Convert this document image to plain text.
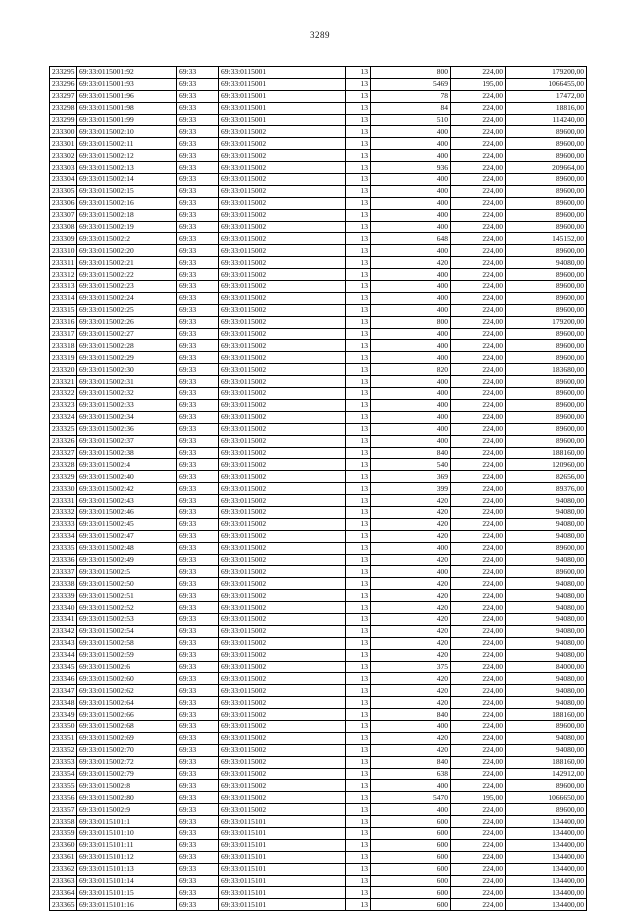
3289
233295	69:33:0115001:92	69:33	69:33:0115001	13	800	224,00	179200,00
233296	69:33:0115001:93	69:33	69:33:0115001	13	5469	195,00	1066455,00
233297	69:33:0115001:96	69:33	69:33:0115001	13	78	224,00	17472,00
233298	69:33:0115001:98	69:33	69:33:0115001	13	84	224,00	18816,00
233299	69:33:0115001:99	69:33	69:33:0115001	13	510	224,00	114240,00
233300	69:33:0115002:10	69:33	69:33:0115002	13	400	224,00	89600,00
233301	69:33:0115002:11	69:33	69:33:0115002	13	400	224,00	89600,00
233302	69:33:0115002:12	69:33	69:33:0115002	13	400	224,00	89600,00
233303	69:33:0115002:13	69:33	69:33:0115002	13	936	224,00	209664,00
233304	69:33:0115002:14	69:33	69:33:0115002	13	400	224,00	89600,00
233305	69:33:0115002:15	69:33	69:33:0115002	13	400	224,00	89600,00
233306	69:33:0115002:16	69:33	69:33:0115002	13	400	224,00	89600,00
233307	69:33:0115002:18	69:33	69:33:0115002	13	400	224,00	89600,00
233308	69:33:0115002:19	69:33	69:33:0115002	13	400	224,00	89600,00
233309	69:33:0115002:2	69:33	69:33:0115002	13	648	224,00	145152,00
233310	69:33:0115002:20	69:33	69:33:0115002	13	400	224,00	89600,00
233311	69:33:0115002:21	69:33	69:33:0115002	13	420	224,00	94080,00
233312	69:33:0115002:22	69:33	69:33:0115002	13	400	224,00	89600,00
233313	69:33:0115002:23	69:33	69:33:0115002	13	400	224,00	89600,00
233314	69:33:0115002:24	69:33	69:33:0115002	13	400	224,00	89600,00
233315	69:33:0115002:25	69:33	69:33:0115002	13	400	224,00	89600,00
233316	69:33:0115002:26	69:33	69:33:0115002	13	800	224,00	179200,00
233317	69:33:0115002:27	69:33	69:33:0115002	13	400	224,00	89600,00
233318	69:33:0115002:28	69:33	69:33:0115002	13	400	224,00	89600,00
233319	69:33:0115002:29	69:33	69:33:0115002	13	400	224,00	89600,00
233320	69:33:0115002:30	69:33	69:33:0115002	13	820	224,00	183680,00
233321	69:33:0115002:31	69:33	69:33:0115002	13	400	224,00	89600,00
233322	69:33:0115002:32	69:33	69:33:0115002	13	400	224,00	89600,00
233323	69:33:0115002:33	69:33	69:33:0115002	13	400	224,00	89600,00
233324	69:33:0115002:34	69:33	69:33:0115002	13	400	224,00	89600,00
233325	69:33:0115002:36	69:33	69:33:0115002	13	400	224,00	89600,00
233326	69:33:0115002:37	69:33	69:33:0115002	13	400	224,00	89600,00
233327	69:33:0115002:38	69:33	69:33:0115002	13	840	224,00	188160,00
233328	69:33:0115002:4	69:33	69:33:0115002	13	540	224,00	120960,00
233329	69:33:0115002:40	69:33	69:33:0115002	13	369	224,00	82656,00
233330	69:33:0115002:42	69:33	69:33:0115002	13	399	224,00	89376,00
233331	69:33:0115002:43	69:33	69:33:0115002	13	420	224,00	94080,00
233332	69:33:0115002:46	69:33	69:33:0115002	13	420	224,00	94080,00
233333	69:33:0115002:45	69:33	69:33:0115002	13	420	224,00	94080,00
233334	69:33:0115002:47	69:33	69:33:0115002	13	420	224,00	94080,00
233335	69:33:0115002:48	69:33	69:33:0115002	13	400	224,00	89600,00
233336	69:33:0115002:49	69:33	69:33:0115002	13	420	224,00	94080,00
233337	69:33:0115002:5	69:33	69:33:0115002	13	400	224,00	89600,00
233338	69:33:0115002:50	69:33	69:33:0115002	13	420	224,00	94080,00
233339	69:33:0115002:51	69:33	69:33:0115002	13	420	224,00	94080,00
233340	69:33:0115002:52	69:33	69:33:0115002	13	420	224,00	94080,00
233341	69:33:0115002:53	69:33	69:33:0115002	13	420	224,00	94080,00
233342	69:33:0115002:54	69:33	69:33:0115002	13	420	224,00	94080,00
233343	69:33:0115002:58	69:33	69:33:0115002	13	420	224,00	94080,00
233344	69:33:0115002:59	69:33	69:33:0115002	13	420	224,00	94080,00
233345	69:33:0115002:6	69:33	69:33:0115002	13	375	224,00	84000,00
233346	69:33:0115002:60	69:33	69:33:0115002	13	420	224,00	94080,00
233347	69:33:0115002:62	69:33	69:33:0115002	13	420	224,00	94080,00
233348	69:33:0115002:64	69:33	69:33:0115002	13	420	224,00	94080,00
233349	69:33:0115002:66	69:33	69:33:0115002	13	840	224,00	188160,00
233350	69:33:0115002:68	69:33	69:33:0115002	13	400	224,00	89600,00
233351	69:33:0115002:69	69:33	69:33:0115002	13	420	224,00	94080,00
233352	69:33:0115002:70	69:33	69:33:0115002	13	420	224,00	94080,00
233353	69:33:0115002:72	69:33	69:33:0115002	13	840	224,00	188160,00
233354	69:33:0115002:79	69:33	69:33:0115002	13	638	224,00	142912,00
233355	69:33:0115002:8	69:33	69:33:0115002	13	400	224,00	89600,00
233356	69:33:0115002:80	69:33	69:33:0115002	13	5470	195,00	1066650,00
233357	69:33:0115002:9	69:33	69:33:0115002	13	400	224,00	89600,00
233358	69:33:0115101:1	69:33	69:33:0115101	13	600	224,00	134400,00
233359	69:33:0115101:10	69:33	69:33:0115101	13	600	224,00	134400,00
233360	69:33:0115101:11	69:33	69:33:0115101	13	600	224,00	134400,00
233361	69:33:0115101:12	69:33	69:33:0115101	13	600	224,00	134400,00
233362	69:33:0115101:13	69:33	69:33:0115101	13	600	224,00	134400,00
233363	69:33:0115101:14	69:33	69:33:0115101	13	600	224,00	134400,00
233364	69:33:0115101:15	69:33	69:33:0115101	13	600	224,00	134400,00
233365	69:33:0115101:16	69:33	69:33:0115101	13	600	224,00	134400,00
